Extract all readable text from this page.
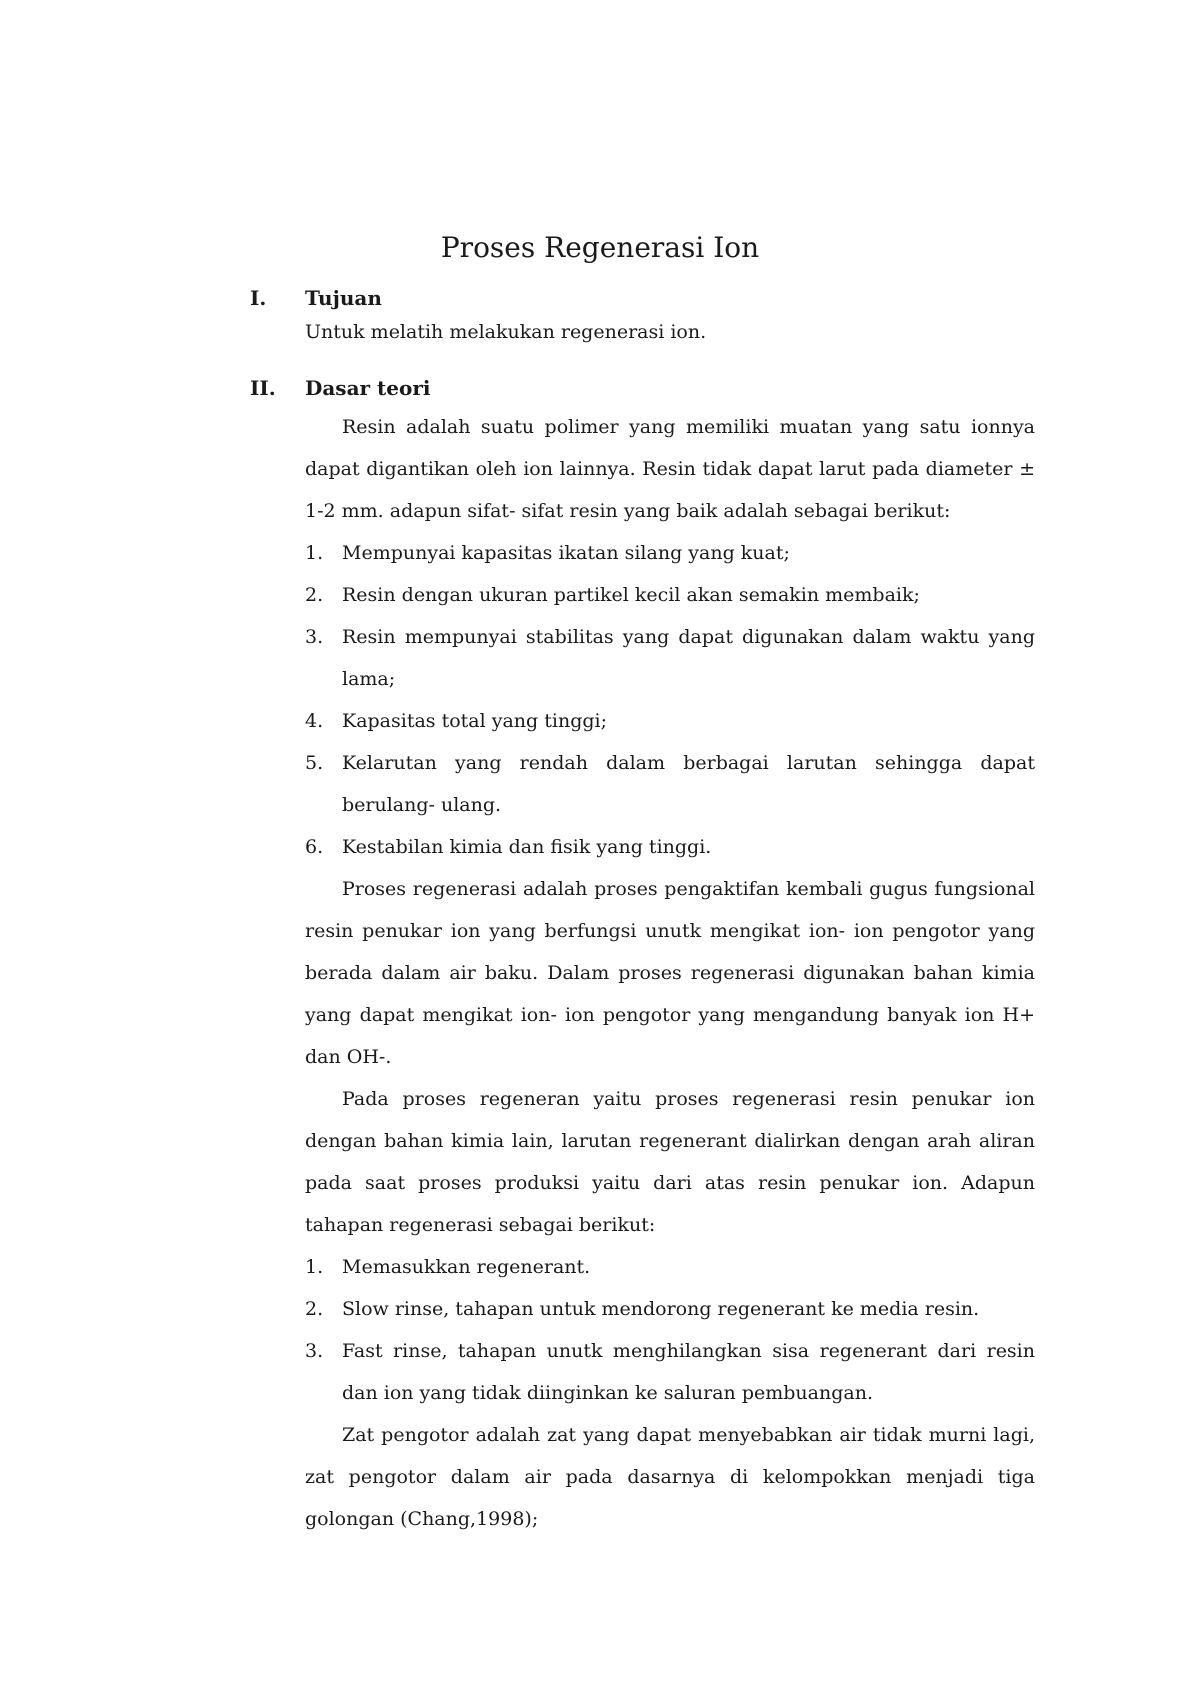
Proses Regenerasi Ion
I. Tujuan

Untuk melatih melakukan regenerasi ion.

II. Dasar teori

Resin adalah suatu polimer yang memiliki muatan yang satu ionnya dapat digantikan oleh ion lainnya. Resin tidak dapat larut pada diameter ± 1-2 mm. adapun sifat- sifat resin yang baik adalah sebagai berikut:

1. Mempunyai kapasitas ikatan silang yang kuat;
2. Resin dengan ukuran partikel kecil akan semakin membaik;
3. Resin mempunyai stabilitas yang dapat digunakan dalam waktu yang lama;
4. Kapasitas total yang tinggi;
5. Kelarutan yang rendah dalam berbagai larutan sehingga dapat berulang- ulang.
6. Kestabilan kimia dan fisik yang tinggi.

Proses regenerasi adalah proses pengaktifan kembali gugus fungsional resin penukar ion yang berfungsi unutk mengikat ion- ion pengotor yang berada dalam air baku. Dalam proses regenerasi digunakan bahan kimia yang dapat mengikat ion- ion pengotor yang mengandung banyak ion H+ dan OH-.

Pada proses regeneran yaitu proses regenerasi resin penukar ion dengan bahan kimia lain, larutan regenerant dialirkan dengan arah aliran pada saat proses produksi yaitu dari atas resin penukar ion. Adapun tahapan regenerasi sebagai berikut:

1. Memasukkan regenerant.
2. Slow rinse, tahapan untuk mendorong regenerant ke media resin.
3. Fast rinse, tahapan unutk menghilangkan sisa regenerant dari resin dan ion yang tidak diinginkan ke saluran pembuangan.

Zat pengotor adalah zat yang dapat menyebabkan air tidak murni lagi, zat pengotor dalam air pada dasarnya di kelompokkan menjadi tiga golongan (Chang,1998);
